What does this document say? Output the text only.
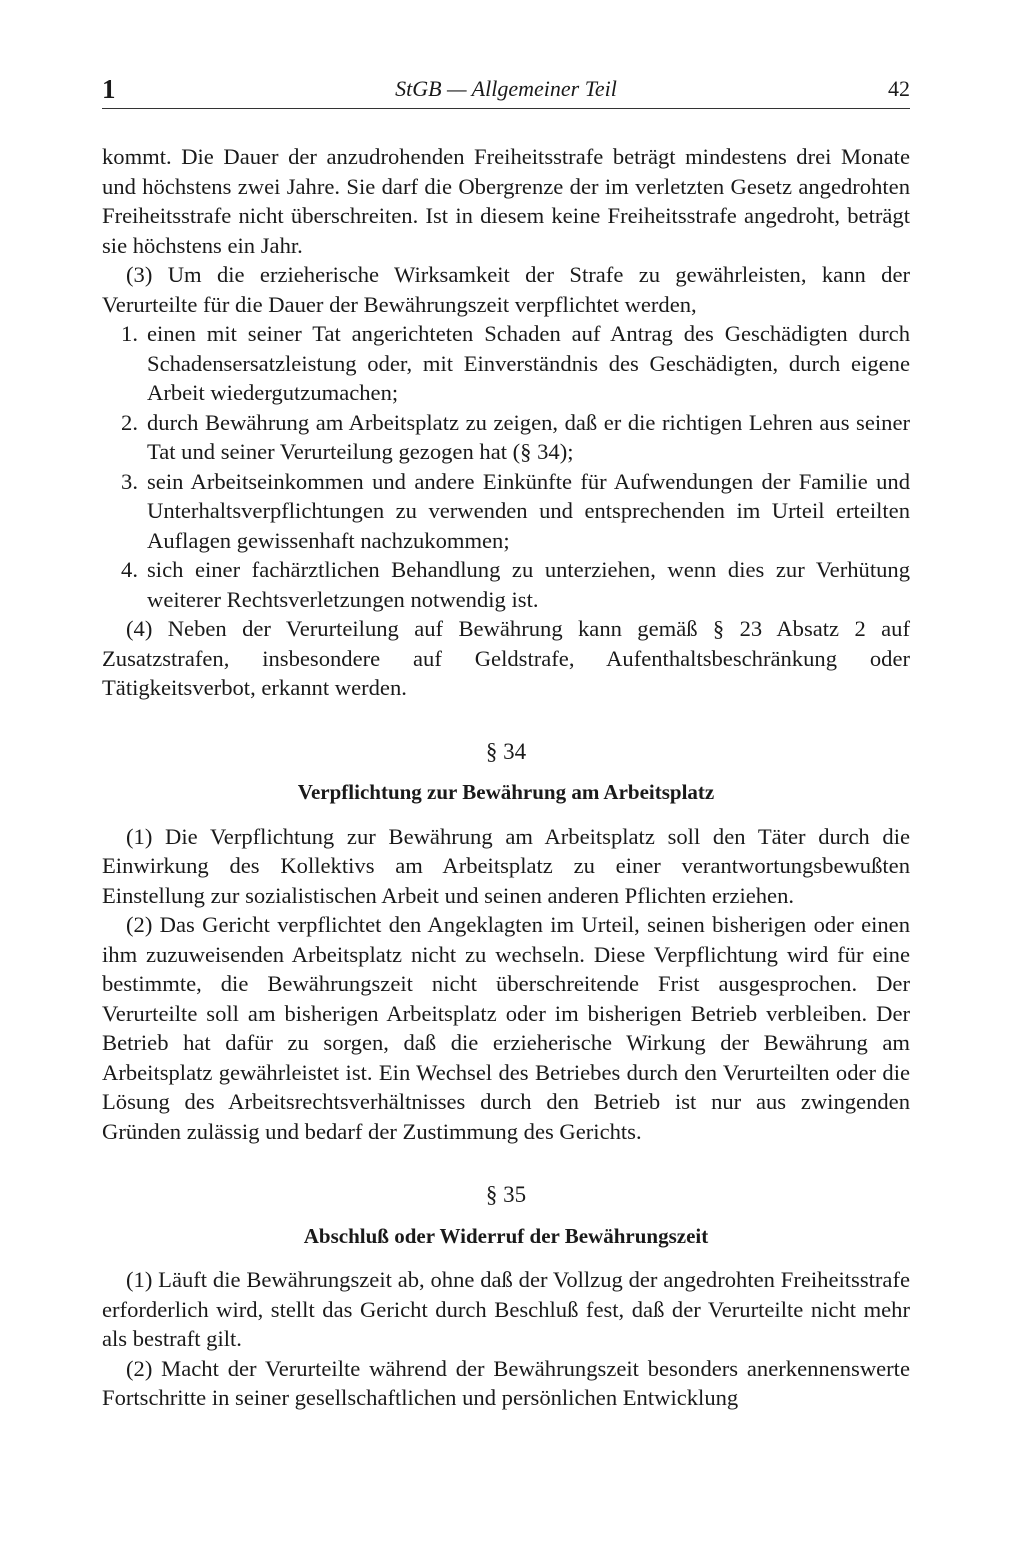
1	StGB — Allgemeiner Teil	42

kommt. Die Dauer der anzudrohenden Freiheitsstrafe beträgt mindestens drei Monate und höchstens zwei Jahre. Sie darf die Obergrenze der im verletzten Gesetz angedrohten Freiheitsstrafe nicht überschreiten. Ist in diesem keine Freiheitsstrafe angedroht, beträgt sie höchstens ein Jahr.

(3) Um die erzieherische Wirksamkeit der Strafe zu gewährleisten, kann der Verurteilte für die Dauer der Bewährungszeit verpflichtet werden,

1. einen mit seiner Tat angerichteten Schaden auf Antrag des Geschädigten durch Schadensersatzleistung oder, mit Einverständnis des Geschädigten, durch eigene Arbeit wiedergutzumachen;
2. durch Bewährung am Arbeitsplatz zu zeigen, daß er die richtigen Lehren aus seiner Tat und seiner Verurteilung gezogen hat (§ 34);
3. sein Arbeitseinkommen und andere Einkünfte für Aufwendungen der Familie und Unterhaltsverpflichtungen zu verwenden und entsprechenden im Urteil erteilten Auflagen gewissenhaft nachzukommen;
4. sich einer fachärztlichen Behandlung zu unterziehen, wenn dies zur Verhütung weiterer Rechtsverletzungen notwendig ist.

(4) Neben der Verurteilung auf Bewährung kann gemäß § 23 Absatz 2 auf Zusatzstrafen, insbesondere auf Geldstrafe, Aufenthaltsbeschränkung oder Tätigkeitsverbot, erkannt werden.

§ 34
Verpflichtung zur Bewährung am Arbeitsplatz

(1) Die Verpflichtung zur Bewährung am Arbeitsplatz soll den Täter durch die Einwirkung des Kollektivs am Arbeitsplatz zu einer verantwortungsbewußten Einstellung zur sozialistischen Arbeit und seinen anderen Pflichten erziehen.

(2) Das Gericht verpflichtet den Angeklagten im Urteil, seinen bisherigen oder einen ihm zuzuweisenden Arbeitsplatz nicht zu wechseln. Diese Verpflichtung wird für eine bestimmte, die Bewährungszeit nicht überschreitende Frist ausgesprochen. Der Verurteilte soll am bisherigen Arbeitsplatz oder im bisherigen Betrieb verbleiben. Der Betrieb hat dafür zu sorgen, daß die erzieherische Wirkung der Bewährung am Arbeitsplatz gewährleistet ist. Ein Wechsel des Betriebes durch den Verurteilten oder die Lösung des Arbeitsrechtsverhältnisses durch den Betrieb ist nur aus zwingenden Gründen zulässig und bedarf der Zustimmung des Gerichts.

§ 35
Abschluß oder Widerruf der Bewährungszeit

(1) Läuft die Bewährungszeit ab, ohne daß der Vollzug der angedrohten Freiheitsstrafe erforderlich wird, stellt das Gericht durch Beschluß fest, daß der Verurteilte nicht mehr als bestraft gilt.

(2) Macht der Verurteilte während der Bewährungszeit besonders anerkennenswerte Fortschritte in seiner gesellschaftlichen und persönlichen Entwicklung
